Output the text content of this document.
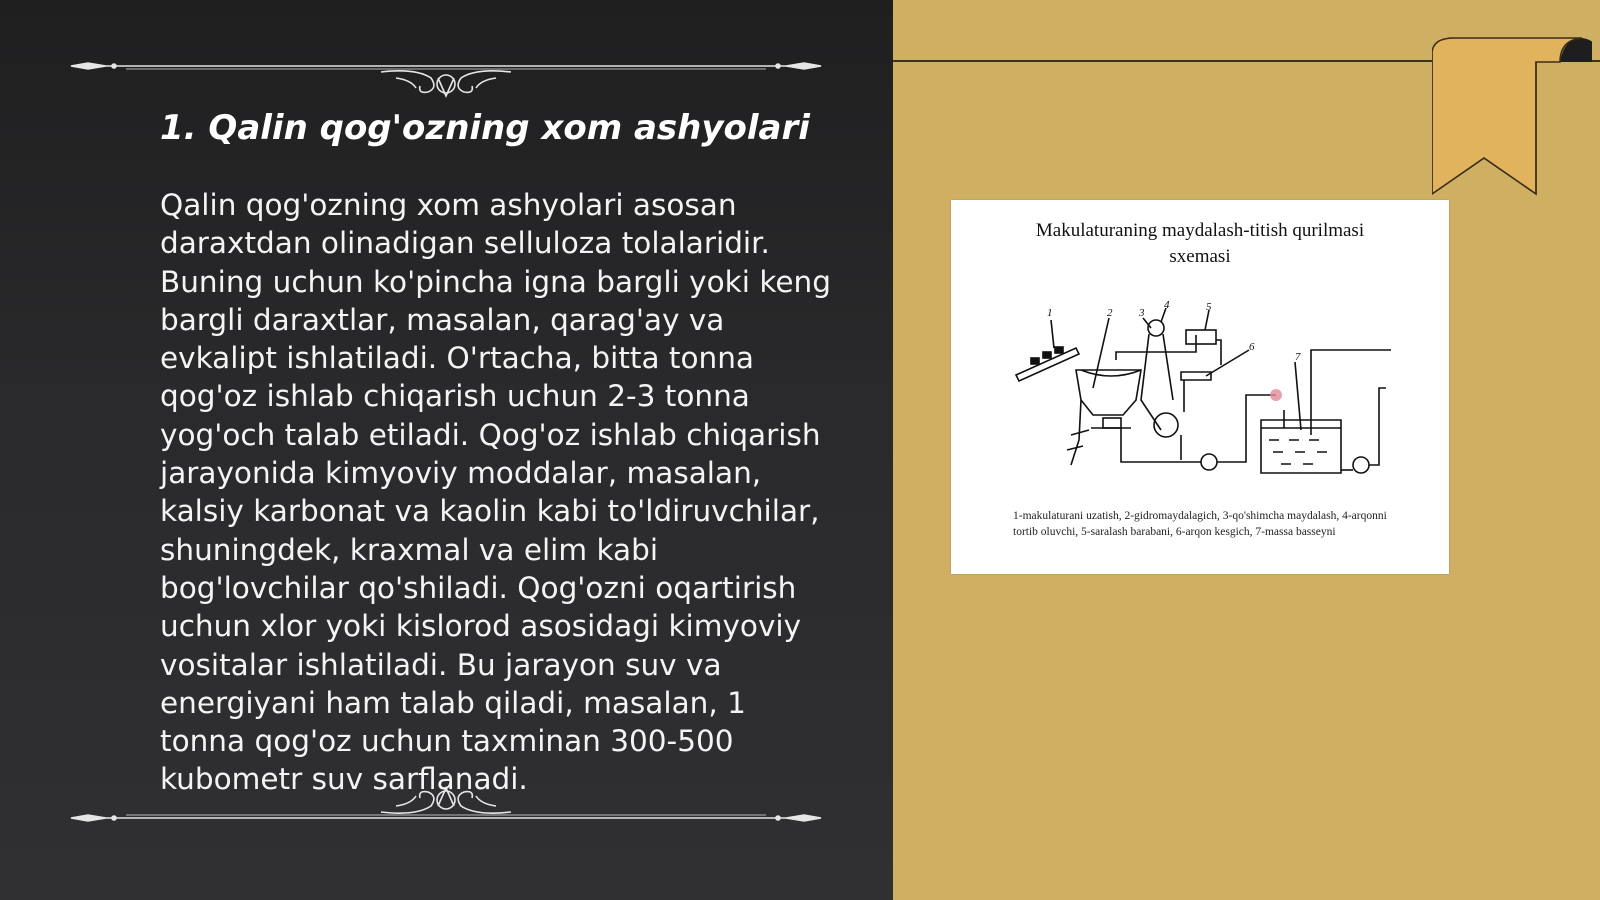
1. Qalin qog'ozning xom ashyolari
Qalin qog'ozning xom ashyolari asosan daraxtdan olinadigan selluloza tolalaridir. Buning uchun ko'pincha igna bargli yoki keng bargli daraxtlar, masalan, qarag'ay va evkalipt ishlatiladi. O'rtacha, bitta tonna qog'oz ishlab chiqarish uchun 2-3 tonna yog'och talab etiladi. Qog'oz ishlab chiqarish jarayonida kimyoviy moddalar, masalan, kalsiy karbonat va kaolin kabi to'ldiruvchilar, shuningdek, kraxmal va elim kabi bog'lovchilar qo'shiladi. Qog'ozni oqartirish uchun xlor yoki kislorod asosidagi kimyoviy vositalar ishlatiladi. Bu jarayon suv va energiyani ham talab qiladi, masalan, 1 tonna qog'oz uchun taxminan 300-500 kubometr suv sarflanadi.
Makulaturaning maydalash-titish qurilmasi
sxemasi
1	2 3
4	5
6
7
1-makulaturani uzatish, 2-gidromaydalagich, 3-qo'shimcha maydalash, 4-arqonni tortib oluvchi, 5-saralash barabani, 6-arqon kesgich, 7-massa basseyni
